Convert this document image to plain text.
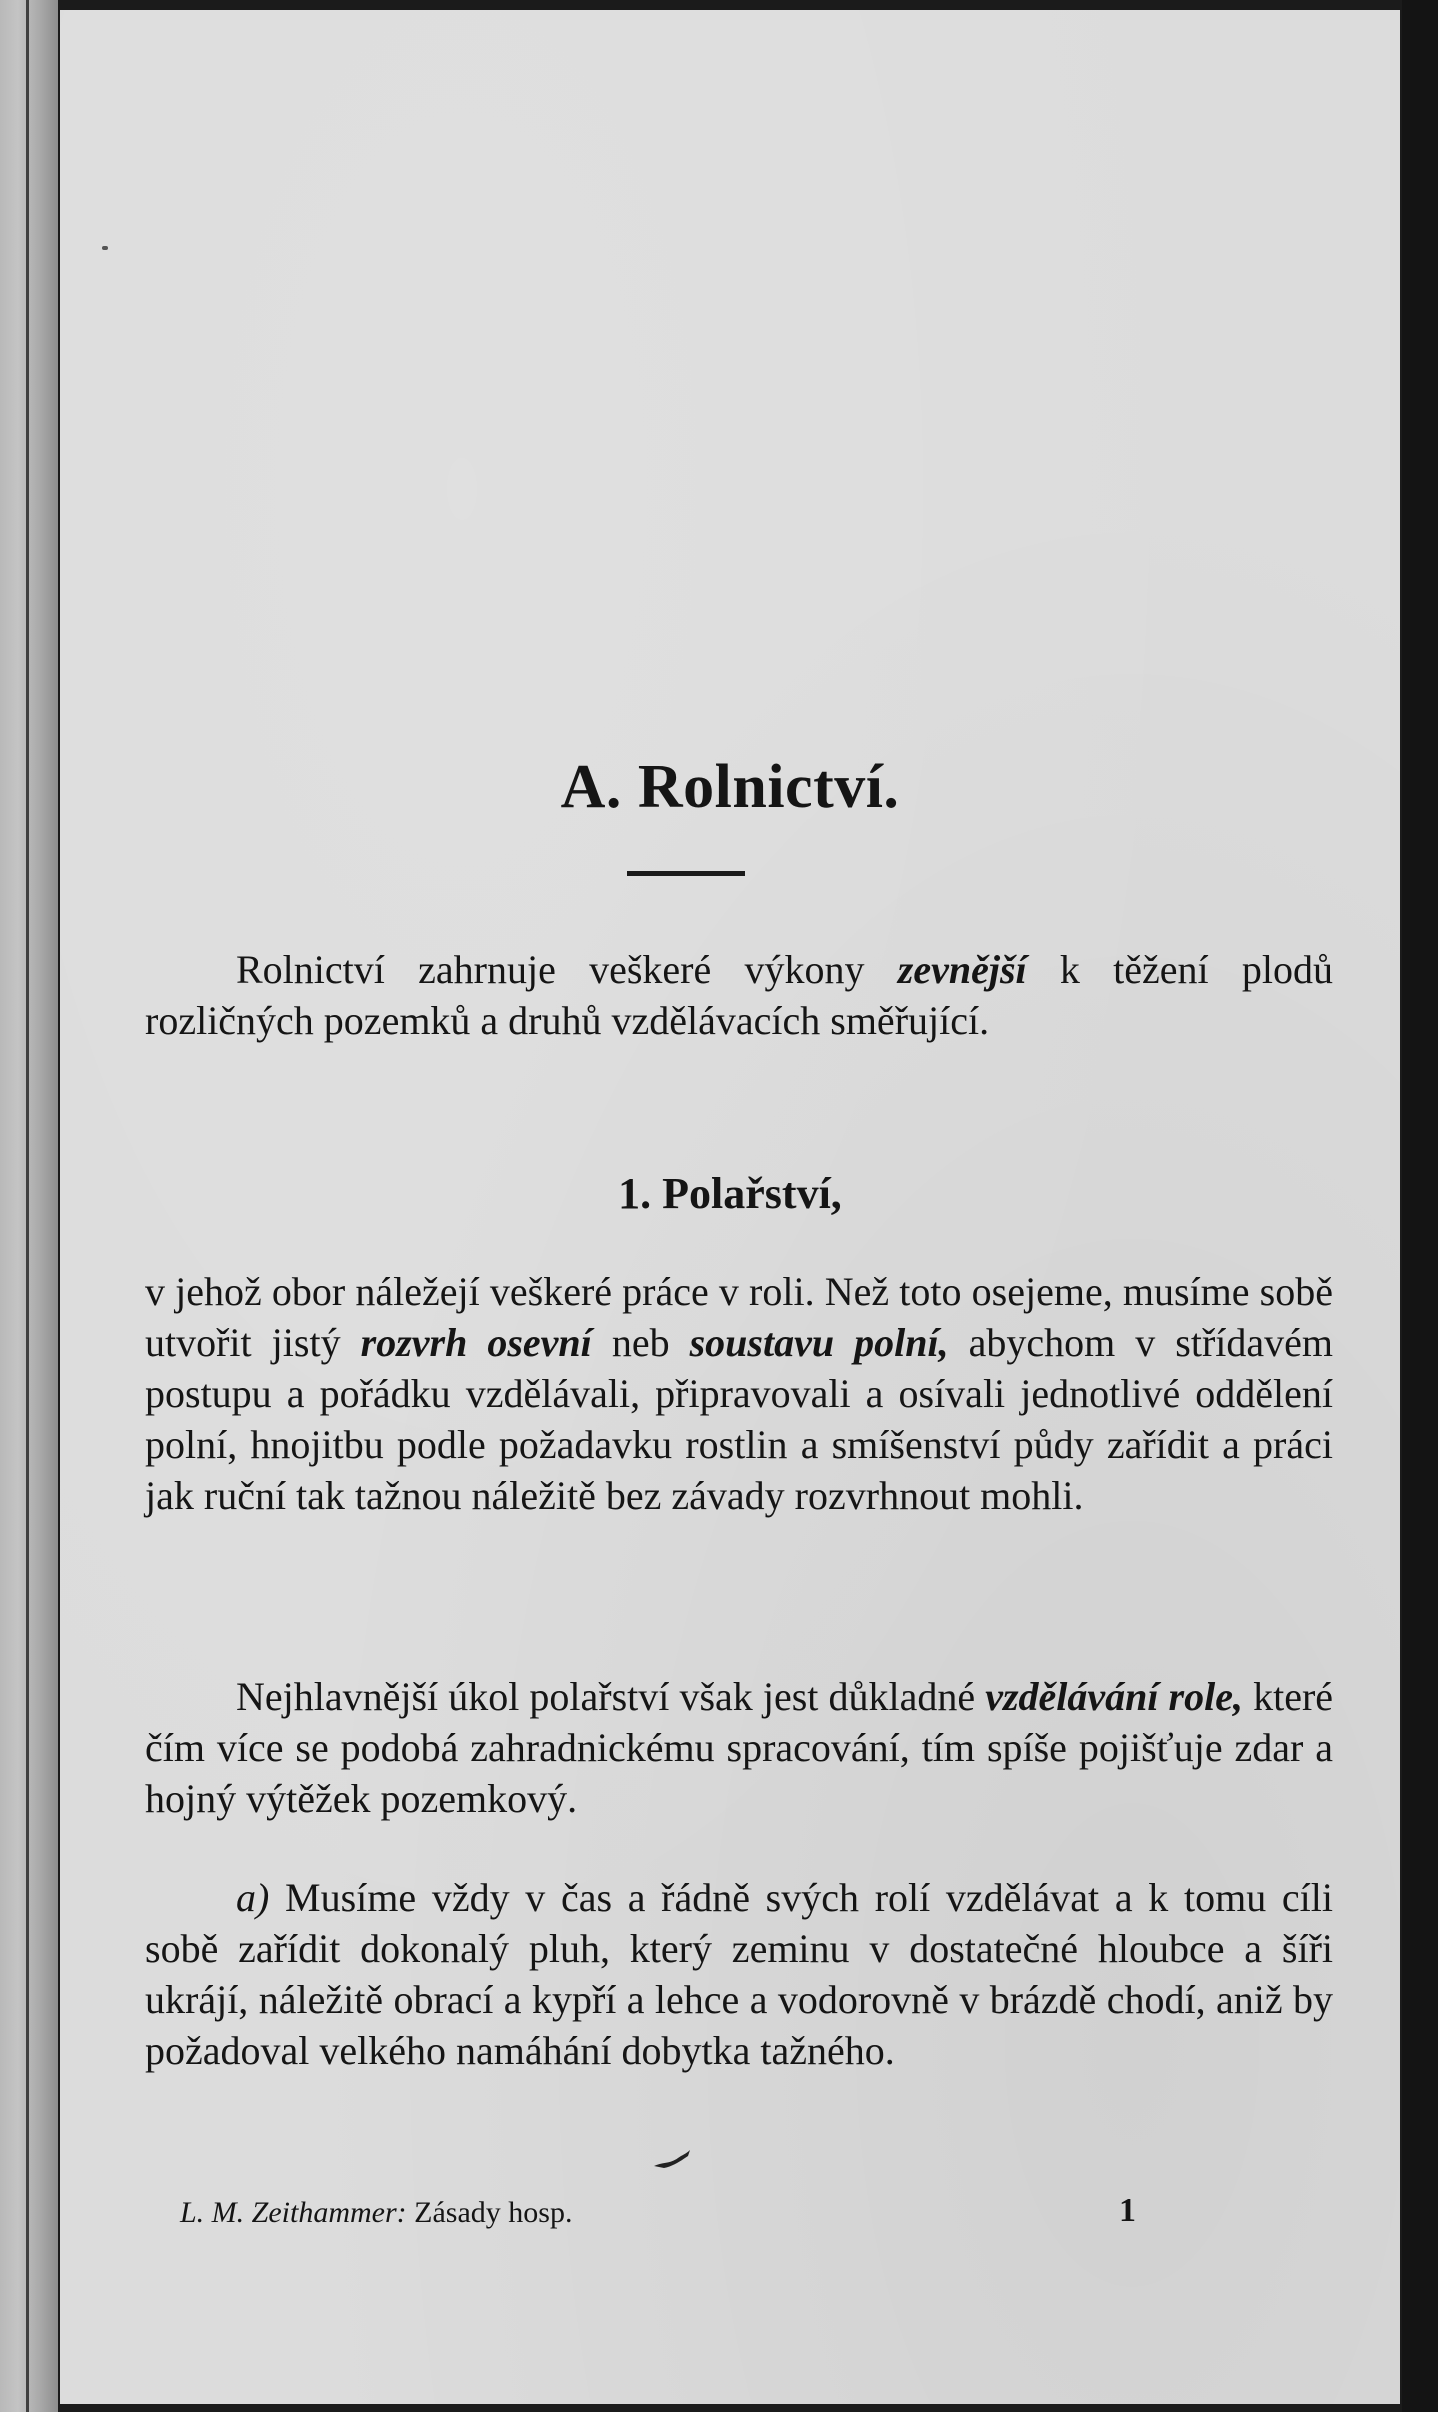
A. Rolnictví.

Rolnictví zahrnuje veškeré výkony zevnější k těžení plodů rozličných pozemků a druhů vzdělávacích směřující.

1. Polařství,

v jehož obor náležejí veškeré práce v roli. Než toto osejeme, musíme sobě utvořit jistý rozvrh osevní neb soustavu polní, abychom v střídavém postupu a pořádku vzdělávali, připravovali a osívali jednotlivé oddělení polní, hnojitbu podle požadavku rostlin a smíšenství půdy zařídit a práci jak ruční tak tažnou náležitě bez závady rozvrhnout mohli.

Nejhlavnější úkol polařství však jest důkladné vzdělávání role, které čím více se podobá zahradnickému spracování, tím spíše pojišťuje zdar a hojný výtěžek pozemkový.

a) Musíme vždy v čas a řádně svých rolí vzdělávat a k tomu cíli sobě zařídit dokonalý pluh, který zeminu v dostatečné hloubce a šíři ukrájí, náležitě obrací a kypří a lehce a vodorovně v brázdě chodí, aniž by požadoval velkého namáhání dobytka tažného.

L. M. Zeithammer: Zásady hosp.	1
